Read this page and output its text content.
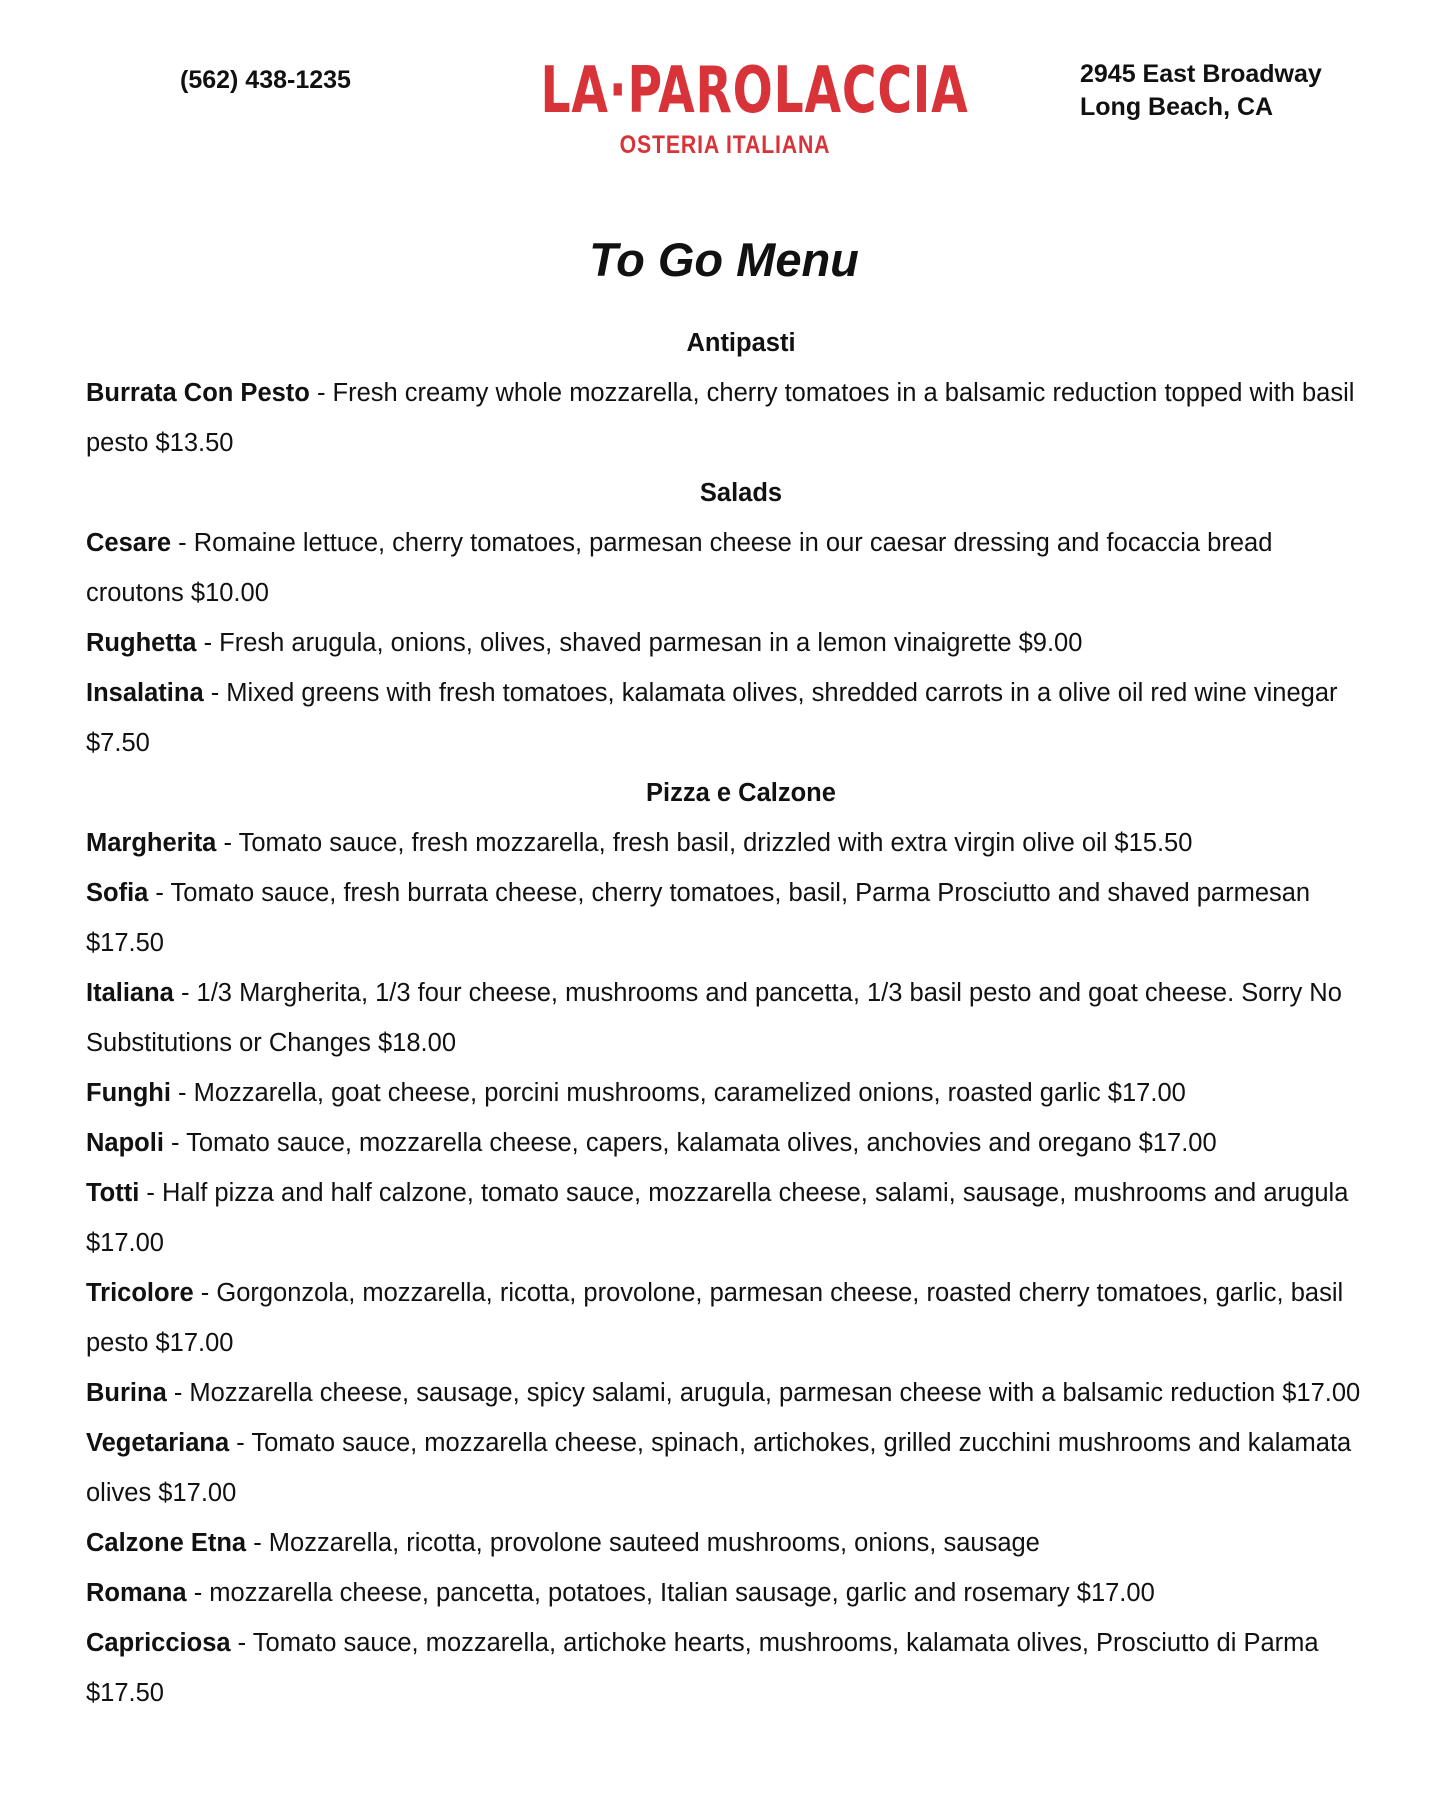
(562) 438-1235	LA·PAROLACCIA
OSTERIA ITALIANA
2945 East Broadway
Long Beach, CA
To Go Menu
Antipasti
Burrata Con Pesto - Fresh creamy whole mozzarella, cherry tomatoes in a balsamic reduction topped with basil pesto $13.50
Salads
Cesare - Romaine lettuce, cherry tomatoes, parmesan cheese in our caesar dressing and focaccia bread croutons $10.00
Rughetta - Fresh arugula, onions, olives, shaved parmesan in a lemon vinaigrette $9.00
Insalatina - Mixed greens with fresh tomatoes, kalamata olives, shredded carrots in a olive oil red wine vinegar $7.50
Pizza e Calzone
Margherita - Tomato sauce, fresh mozzarella, fresh basil, drizzled with extra virgin olive oil $15.50
Sofia - Tomato sauce, fresh burrata cheese, cherry tomatoes, basil, Parma Prosciutto and shaved parmesan $17.50
Italiana - 1/3 Margherita, 1/3 four cheese, mushrooms and pancetta, 1/3 basil pesto and goat cheese. Sorry No Substitutions or Changes $18.00
Funghi - Mozzarella, goat cheese, porcini mushrooms, caramelized onions, roasted garlic $17.00
Napoli - Tomato sauce, mozzarella cheese, capers, kalamata olives, anchovies and oregano $17.00
Totti - Half pizza and half calzone, tomato sauce, mozzarella cheese, salami, sausage, mushrooms and arugula $17.00
Tricolore - Gorgonzola, mozzarella, ricotta, provolone, parmesan cheese, roasted cherry tomatoes, garlic, basil pesto $17.00
Burina - Mozzarella cheese, sausage, spicy salami, arugula, parmesan cheese with a balsamic reduction $17.00
Vegetariana - Tomato sauce, mozzarella cheese, spinach, artichokes, grilled zucchini mushrooms and kalamata olives $17.00
Calzone Etna - Mozzarella, ricotta, provolone sauteed mushrooms, onions, sausage
Romana - mozzarella cheese, pancetta, potatoes, Italian sausage, garlic and rosemary $17.00
Capricciosa - Tomato sauce, mozzarella, artichoke hearts, mushrooms, kalamata olives, Prosciutto di Parma $17.50
